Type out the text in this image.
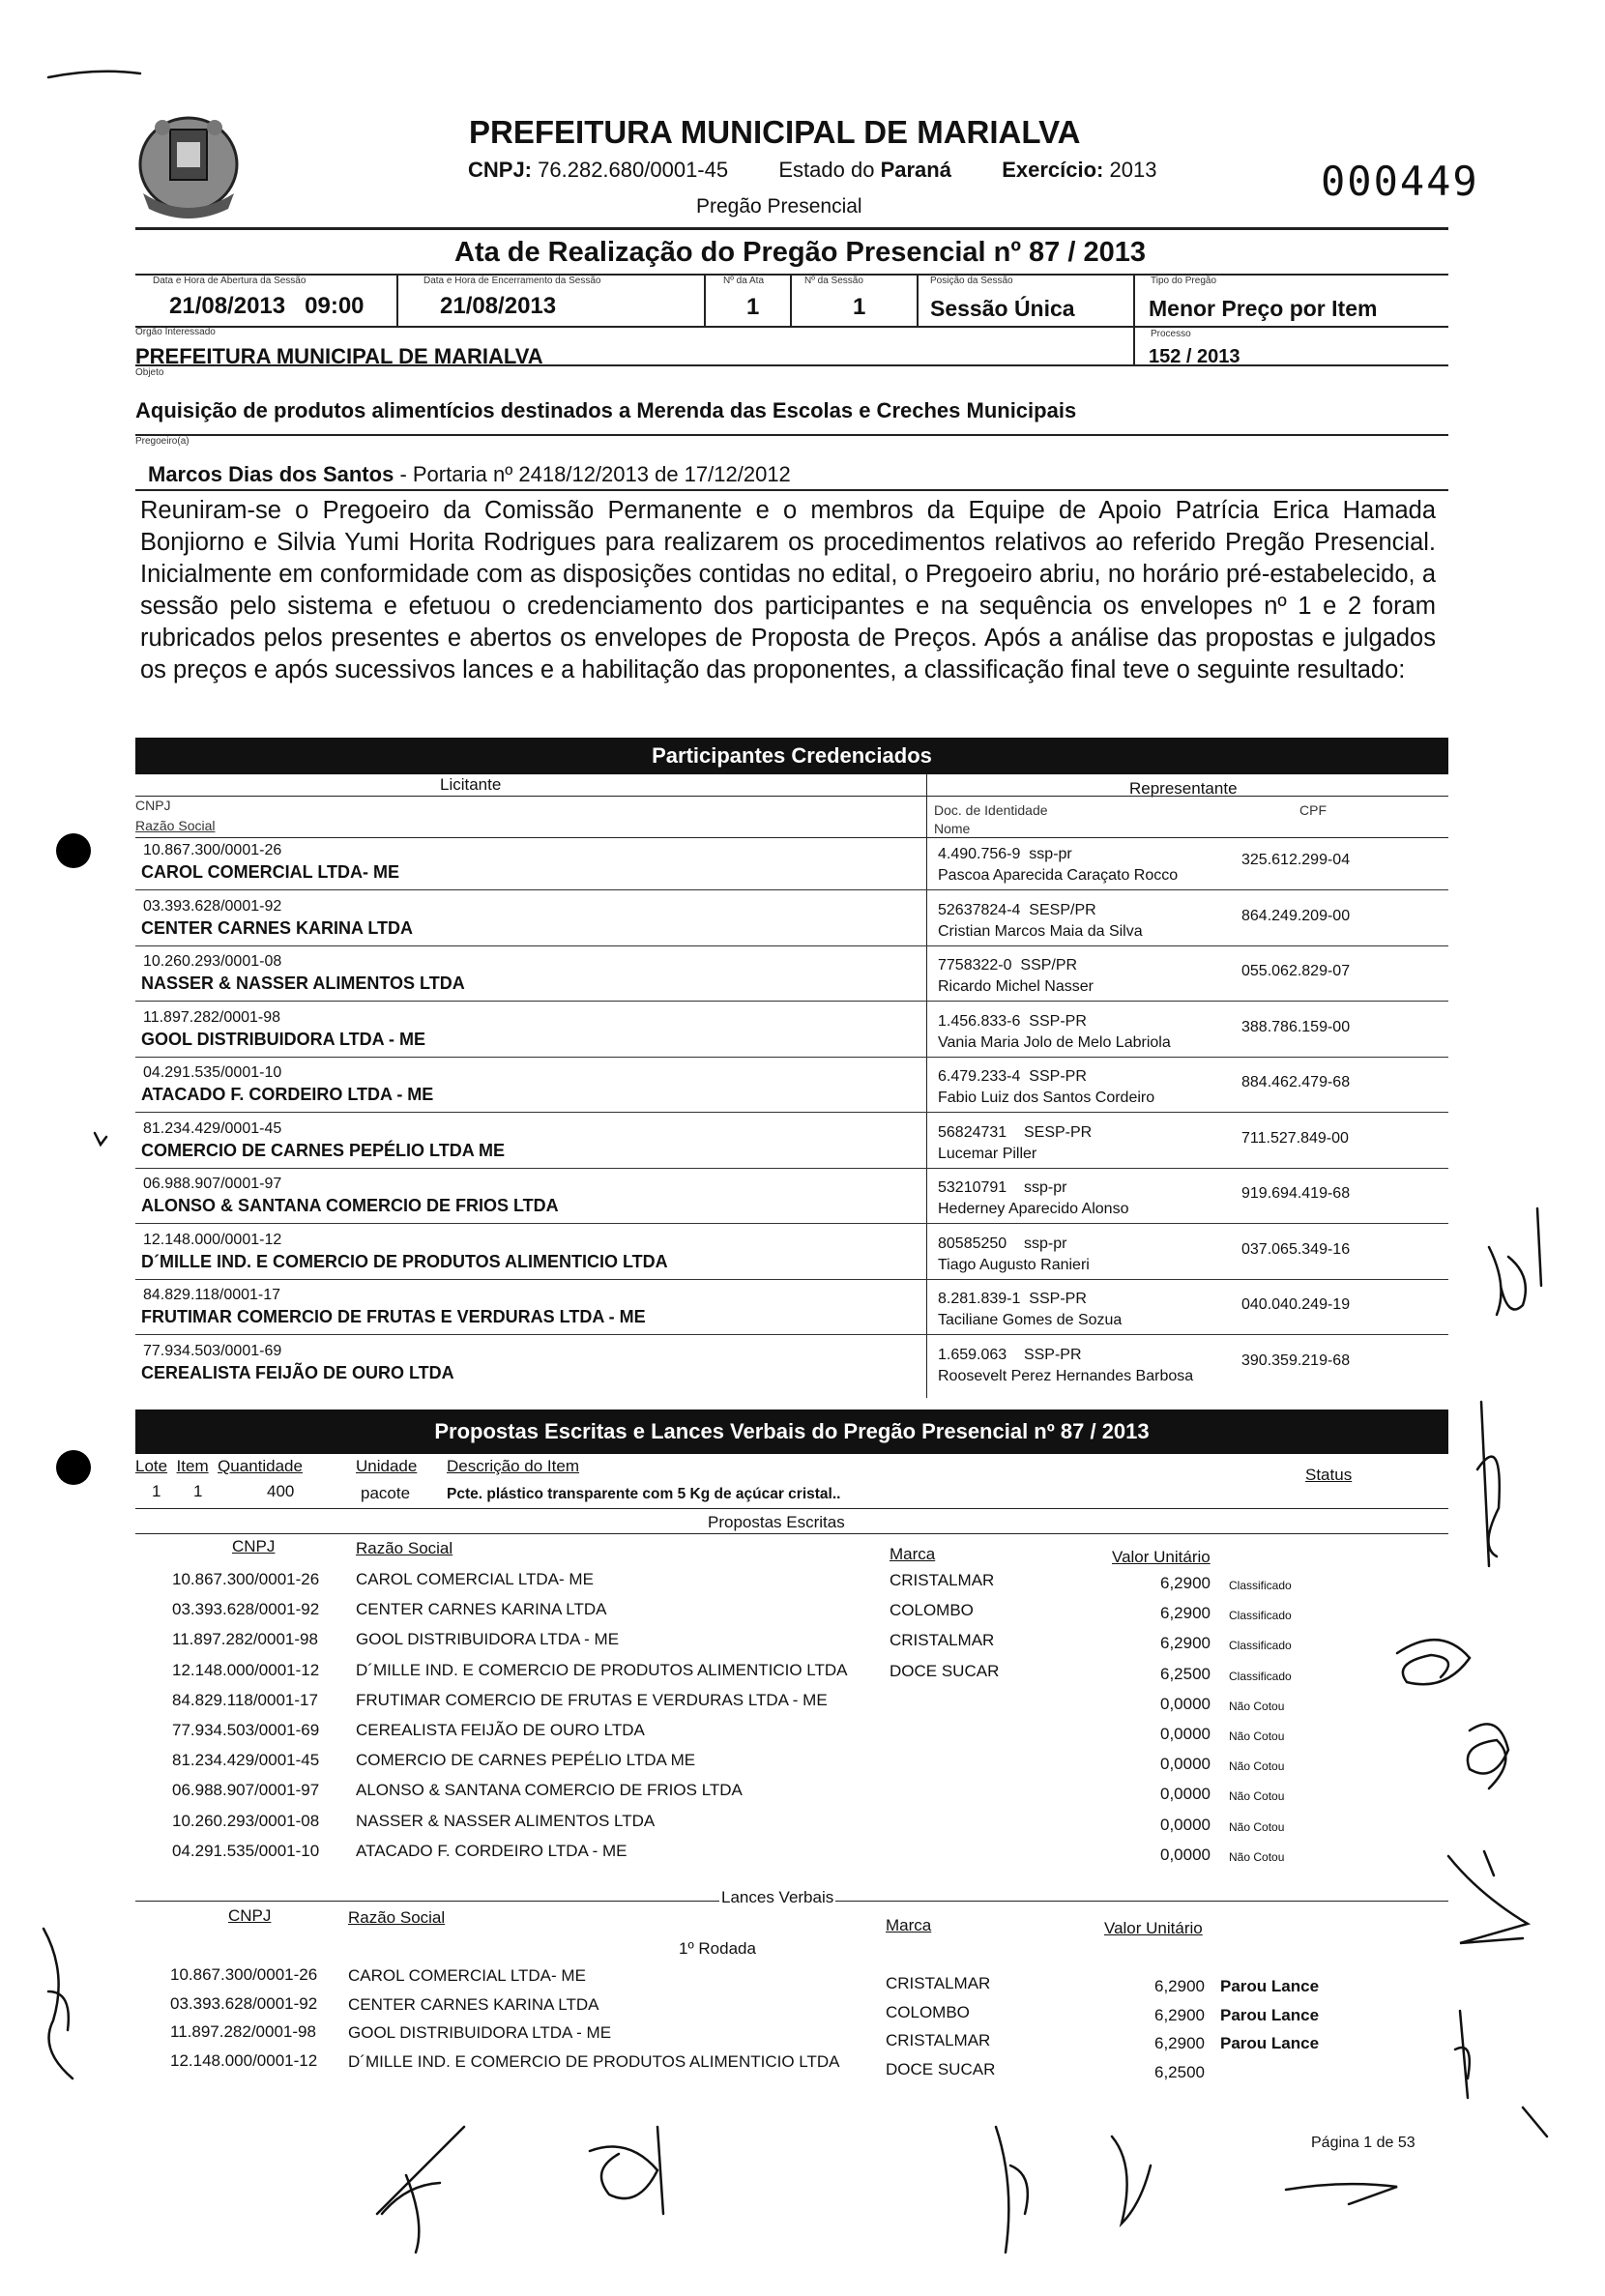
PREFEITURA MUNICIPAL DE MARIALVA
CNPJ: 76.282.680/0001-45 Estado do Paraná Exercício: 2013
Pregão Presencial
000449
Ata de Realização do Pregão Presencial nº 87 / 2013
Data e Hora de Abertura da Sessão
21/08/2013 09:00
Data e Hora de Encerramento da Sessão
21/08/2013
Nº da Ata
1
Nº da Sessão
1
Posição da Sessão
Sessão Única
Tipo do Pregão
Menor Preço por Item
Órgão Interessado
PREFEITURA MUNICIPAL DE MARIALVA
Processo
152 / 2013
Objeto
Aquisição de produtos alimentícios destinados a Merenda das Escolas e Creches Municipais
Pregoeiro(a)
Marcos Dias dos Santos - Portaria nº 2418/12/2013 de 17/12/2012
Reuniram-se o Pregoeiro da Comissão Permanente e o membros da Equipe de Apoio Patrícia Erica Hamada Bonjiorno e Silvia Yumi Horita Rodrigues para realizarem os procedimentos relativos ao referido Pregão Presencial. Inicialmente em conformidade com as disposições contidas no edital, o Pregoeiro abriu, no horário pré-estabelecido, a sessão pelo sistema e efetuou o credenciamento dos participantes e na sequência os envelopes nº 1 e 2 foram rubricados pelos presentes e abertos os envelopes de Proposta de Preços. Após a análise das propostas e julgados os preços e após sucessivos lances e a habilitação das proponentes, a classificação final teve o seguinte resultado:
Participantes Credenciados
Licitante	Representante
CNPJ
Razão Social
Doc. de Identidade	CPF
Nome
10.867.300/0001-26
CAROL COMERCIAL LTDA- ME
4.490.756-9  ssp-pr	325.612.299-04
Pascoa Aparecida Caraçato Rocco
03.393.628/0001-92
CENTER CARNES KARINA LTDA
52637824-4  SESP/PR	864.249.209-00
Cristian Marcos Maia da Silva
10.260.293/0001-08
NASSER & NASSER ALIMENTOS LTDA
7758322-0  SSP/PR	055.062.829-07
Ricardo Michel Nasser
11.897.282/0001-98
GOOL DISTRIBUIDORA LTDA - ME
1.456.833-6  SSP-PR	388.786.159-00
Vania Maria Jolo de Melo Labriola
04.291.535/0001-10
ATACADO F. CORDEIRO LTDA - ME
6.479.233-4  SSP-PR	884.462.479-68
Fabio Luiz dos Santos Cordeiro
81.234.429/0001-45
COMERCIO DE CARNES PEPÉLIO LTDA ME
56824731    SESP-PR	711.527.849-00
Lucemar Piller
06.988.907/0001-97
ALONSO & SANTANA COMERCIO DE FRIOS LTDA
53210791    ssp-pr	919.694.419-68
Hederney Aparecido Alonso
12.148.000/0001-12
D´MILLE IND. E COMERCIO DE PRODUTOS ALIMENTICIO LTDA
80585250    ssp-pr	037.065.349-16
Tiago Augusto Ranieri
84.829.118/0001-17
FRUTIMAR COMERCIO DE FRUTAS E VERDURAS LTDA - ME
8.281.839-1  SSP-PR	040.040.249-19
Taciliane Gomes de Sozua
77.934.503/0001-69
CEREALISTA FEIJÃO DE OURO LTDA
1.659.063    SSP-PR	390.359.219-68
Roosevelt Perez Hernandes Barbosa
Propostas Escritas e Lances Verbais do Pregão Presencial nº 87 / 2013
Lote Item Quantidade	Unidade Descrição do Item	Status
1 1	400	pacote Pcte. plástico transparente com 5 Kg de açúcar cristal..
Propostas Escritas
CNPJ	Razão Social	Marca	Valor Unitário
10.867.300/0001-26 CAROL COMERCIAL LTDA- ME	CRISTALMAR	6,2900 Classificado
03.393.628/0001-92 CENTER CARNES KARINA LTDA	COLOMBO	6,2900 Classificado
11.897.282/0001-98 GOOL DISTRIBUIDORA LTDA - ME	CRISTALMAR	6,2900 Classificado
12.148.000/0001-12 D´MILLE IND. E COMERCIO DE PRODUTOS ALIMENTICIO LTDA	DOCE SUCAR	6,2500 Classificado
84.829.118/0001-17 FRUTIMAR COMERCIO DE FRUTAS E VERDURAS LTDA - ME	0,0000 Não Cotou
77.934.503/0001-69 CEREALISTA FEIJÃO DE OURO LTDA	0,0000 Não Cotou
81.234.429/0001-45 COMERCIO DE CARNES PEPÉLIO LTDA ME	0,0000 Não Cotou
06.988.907/0001-97 ALONSO & SANTANA COMERCIO DE FRIOS LTDA	0,0000 Não Cotou
10.260.293/0001-08 NASSER & NASSER ALIMENTOS LTDA	0,0000 Não Cotou
04.291.535/0001-10 ATACADO F. CORDEIRO LTDA - ME	0,0000 Não Cotou
Lances Verbais
CNPJ	Razão Social	Marca	Valor Unitário
1º Rodada
10.867.300/0001-26 CAROL COMERCIAL LTDA- ME	CRISTALMAR	6,2900 Parou Lance
03.393.628/0001-92 CENTER CARNES KARINA LTDA	COLOMBO	6,2900 Parou Lance
11.897.282/0001-98 GOOL DISTRIBUIDORA LTDA - ME	CRISTALMAR	6,2900 Parou Lance
12.148.000/0001-12 D´MILLE IND. E COMERCIO DE PRODUTOS ALIMENTICIO LTDA	DOCE SUCAR	6,2500
Página 1 de 53
